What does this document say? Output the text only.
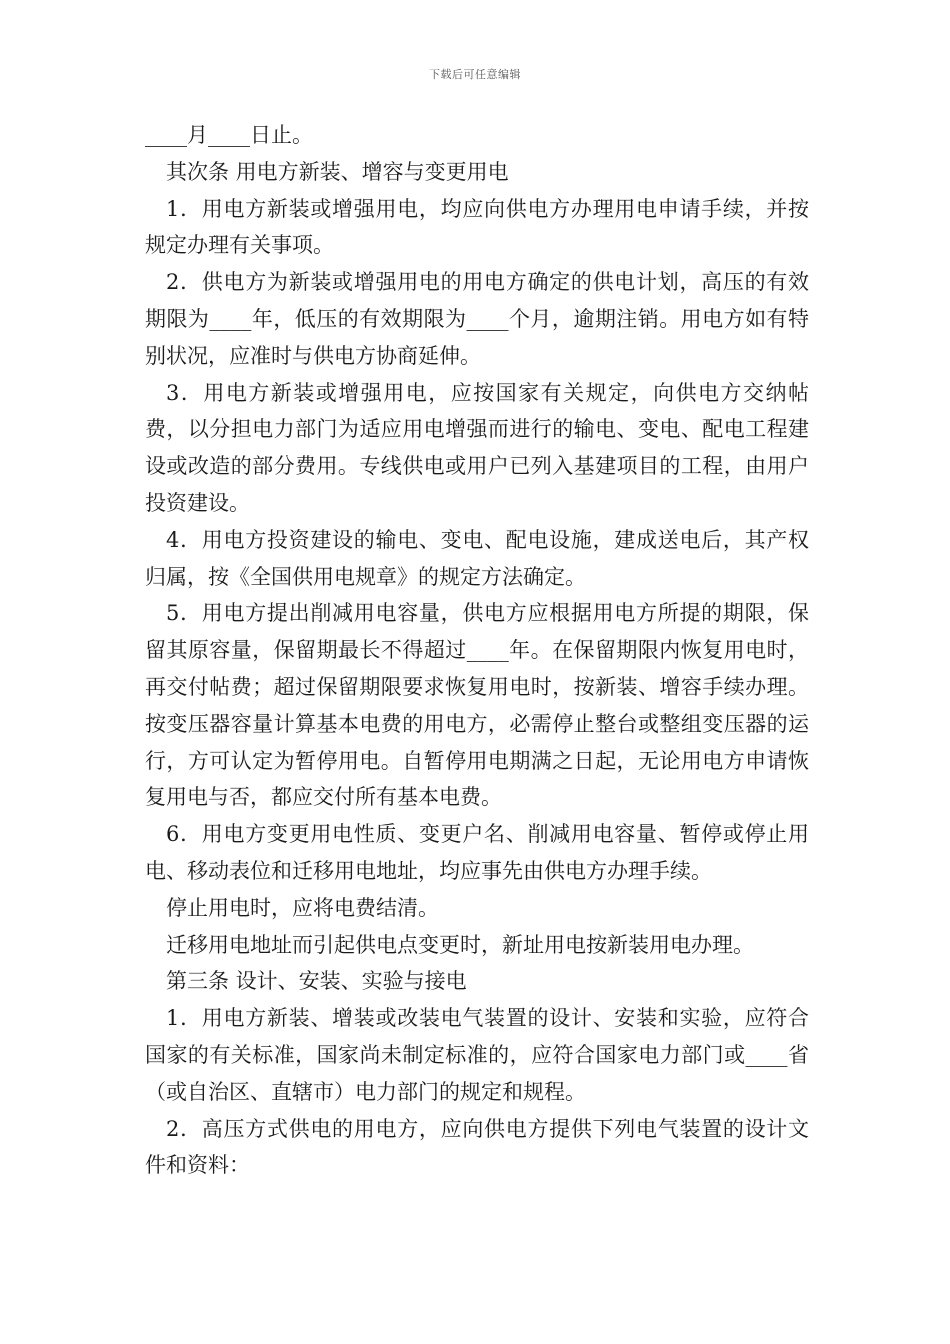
下载后可任意编辑

____月____日止。

其次条 用电方新装、增容与变更用电

1．用电方新装或增强用电，均应向供电方办理用电申请手续，并按规定办理有关事项。

2．供电方为新装或增强用电的用电方确定的供电计划，高压的有效期限为____年，低压的有效期限为____个月，逾期注销。用电方如有特别状况，应准时与供电方协商延伸。

3．用电方新装或增强用电，应按国家有关规定，向供电方交纳帖费，以分担电力部门为适应用电增强而进行的输电、变电、配电工程建设或改造的部分费用。专线供电或用户已列入基建项目的工程，由用户投资建设。

4．用电方投资建设的输电、变电、配电设施，建成送电后，其产权归属，按《全国供用电规章》的规定方法确定。

5．用电方提出削减用电容量，供电方应根据用电方所提的期限，保留其原容量，保留期最长不得超过____年。在保留期限内恢复用电时，再交付帖费；超过保留期限要求恢复用电时，按新装、增容手续办理。按变压器容量计算基本电费的用电方，必需停止整台或整组变压器的运行，方可认定为暂停用电。自暂停用电期满之日起，无论用电方申请恢复用电与否，都应交付所有基本电费。

6．用电方变更用电性质、变更户名、削减用电容量、暂停或停止用电、移动表位和迁移用电地址，均应事先由供电方办理手续。

停止用电时，应将电费结清。

迁移用电地址而引起供电点变更时，新址用电按新装用电办理。

第三条 设计、安装、实验与接电

1．用电方新装、增装或改装电气装置的设计、安装和实验，应符合国家的有关标准，国家尚未制定标准的，应符合国家电力部门或____省（或自治区、直辖市）电力部门的规定和规程。

2．高压方式供电的用电方，应向供电方提供下列电气装置的设计文件和资料：
